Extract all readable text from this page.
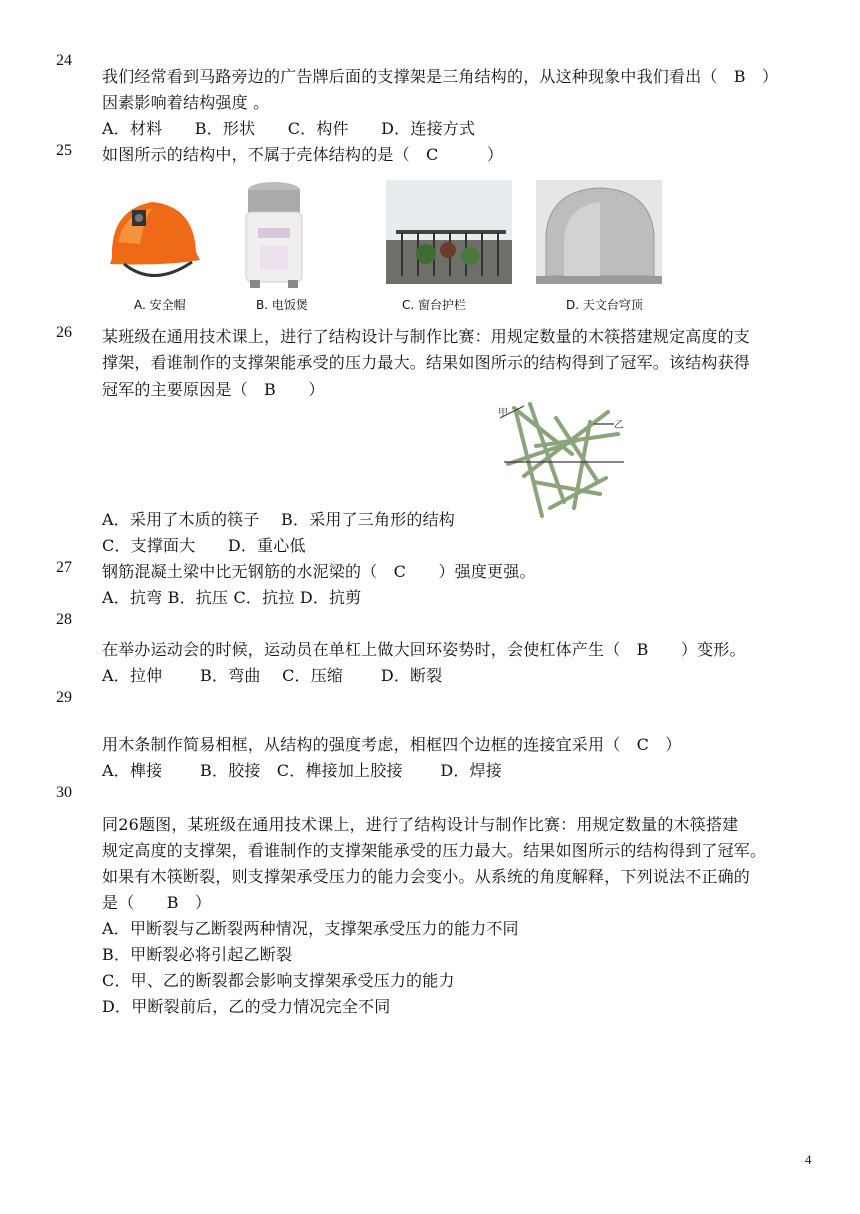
24
我们经常看到马路旁边的广告牌后面的支撑架是三角结构的，从这种现象中我们看出（　B　）
因素影响着结构强度 。
A．材料　　B．形状　　C．构件　　D．连接方式
25 如图所示的结构中，不属于壳体结构的是（　C　　　）
A. 安全帽	B. 电饭煲	C. 窗台护栏	D. 天文台穹顶
26 某班级在通用技术课上，进行了结构设计与制作比赛：用规定数量的木筷搭建规定高度的支
撑架，看谁制作的支撑架能承受的压力最大。结果如图所示的结构得到了冠军。该结构获得
冠军的主要原因是（　B　　）
甲
乙
A．采用了木质的筷子　 B．采用了三角形的结构
C．支撑面大　　D．重心低
27 钢筋混凝土梁中比无钢筋的水泥梁的（　C　　）强度更强。
A．抗弯 B．抗压 C．抗拉 D．抗剪
28
在举办运动会的时候，运动员在单杠上做大回环姿势时，会使杠体产生（　B　　）变形。
A．拉伸　　 B．弯曲　 C．压缩　　 D．断裂
29
用木条制作简易相框，从结构的强度考虑，相框四个边框的连接宜采用（　C　）
A．榫接　　 B．胶接　C．榫接加上胶接　　 D．焊接
30
同26题图，某班级在通用技术课上，进行了结构设计与制作比赛：用规定数量的木筷搭建
规定高度的支撑架，看谁制作的支撑架能承受的压力最大。结果如图所示的结构得到了冠军。
如果有木筷断裂，则支撑架承受压力的能力会变小。从系统的角度解释，下列说法不正确的
是（　　B　）
A．甲断裂与乙断裂两种情况，支撑架承受压力的能力不同
B．甲断裂必将引起乙断裂
C．甲、乙的断裂都会影响支撑架承受压力的能力
D．甲断裂前后，乙的受力情况完全不同
4
